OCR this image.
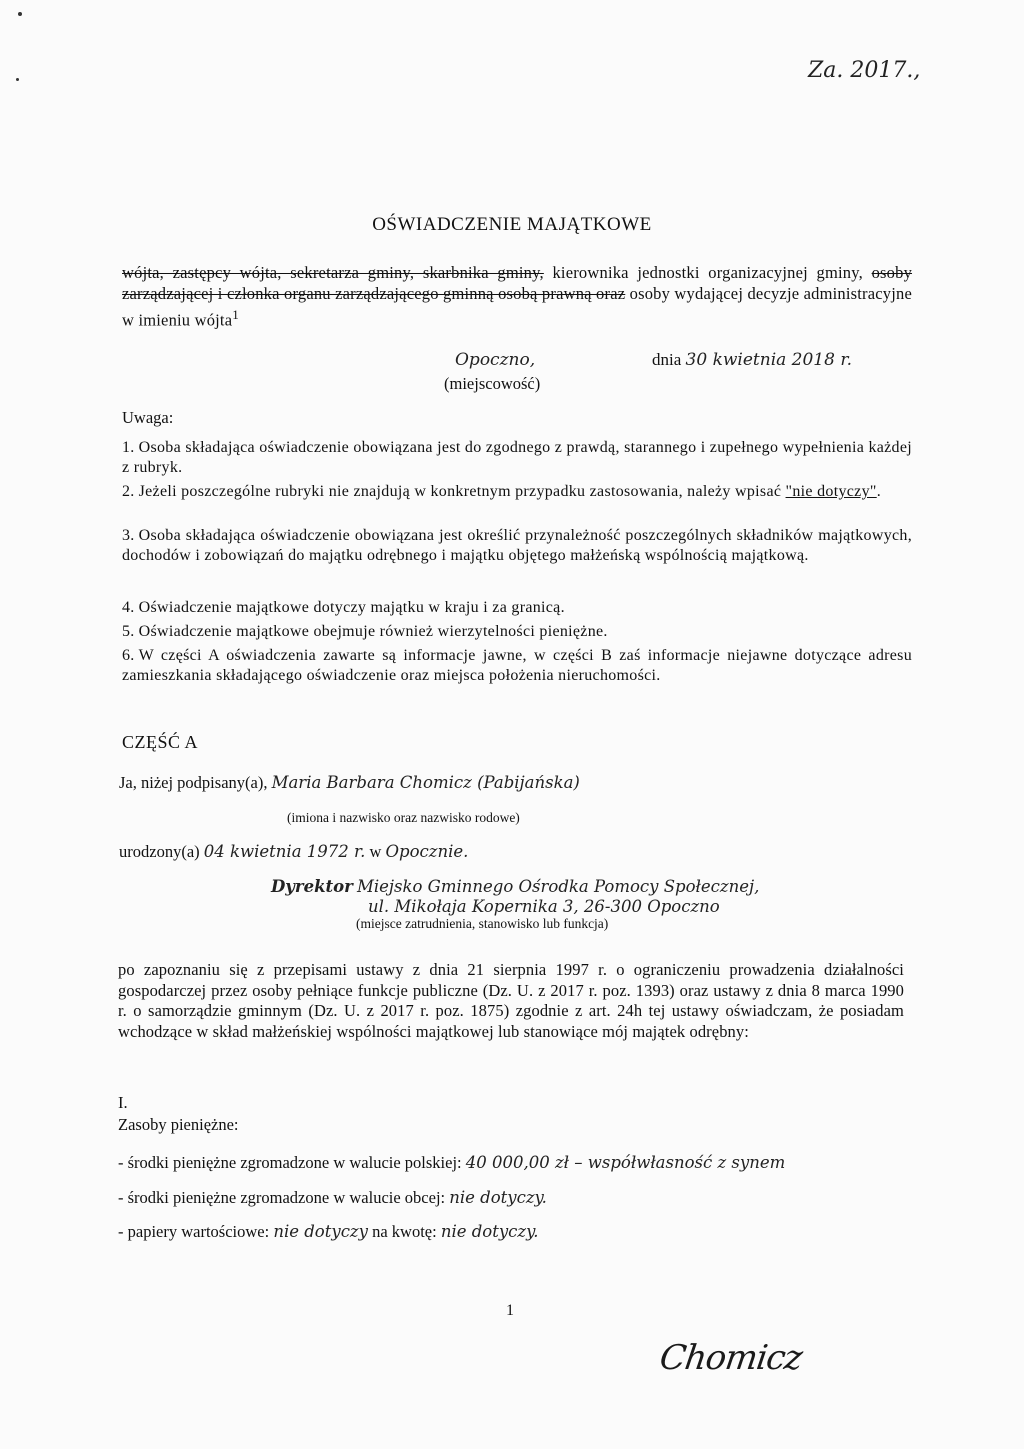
Za. 2017.,
OŚWIADCZENIE MAJĄTKOWE
wójta, zastępcy wójta, sekretarza gminy, skarbnika gminy, kierownika jednostki organizacyjnej gminy, osoby zarządzającej i członka organu zarządzającego gminną osobą prawną oraz osoby wydającej decyzje administracyjne w imieniu wójta$^1$
Opoczno,
(miejscowość)
dnia 30 kwietnia 2018 r.
Uwaga:
1. Osoba składająca oświadczenie obowiązana jest do zgodnego z prawdą, starannego i zupełnego wypełnienia każdej z rubryk.
2. Jeżeli poszczególne rubryki nie znajdują w konkretnym przypadku zastosowania, należy wpisać "nie dotyczy".
3. Osoba składająca oświadczenie obowiązana jest określić przynależność poszczególnych składników majątkowych, dochodów i zobowiązań do majątku odrębnego i majątku objętego małżeńską wspólnością majątkową.
4. Oświadczenie majątkowe dotyczy majątku w kraju i za granicą.
5. Oświadczenie majątkowe obejmuje również wierzytelności pieniężne.
6. W części A oświadczenia zawarte są informacje jawne, w części B zaś informacje niejawne dotyczące adresu zamieszkania składającego oświadczenie oraz miejsca położenia nieruchomości.
CZĘŚĆ A
Ja, niżej podpisany(a), Maria Barbara Chomicz (Pabijańska)
(imiona i nazwisko oraz nazwisko rodowe)
urodzony(a) 04 kwietnia 1972 r. w Opocznie.
Dyrektor Miejsko Gminnego Ośrodka Pomocy Społecznej,
ul. Mikołaja Kopernika 3, 26-300 Opoczno
(miejsce zatrudnienia, stanowisko lub funkcja)
po zapoznaniu się z przepisami ustawy z dnia 21 sierpnia 1997 r. o ograniczeniu prowadzenia działalności gospodarczej przez osoby pełniące funkcje publiczne (Dz. U. z 2017 r. poz. 1393) oraz ustawy z dnia 8 marca 1990 r. o samorządzie gminnym (Dz. U. z 2017 r. poz. 1875) zgodnie z art. 24h tej ustawy oświadczam, że posiadam wchodzące w skład małżeńskiej wspólności majątkowej lub stanowiące mój majątek odrębny:
I.
Zasoby pieniężne:
- środki pieniężne zgromadzone w walucie polskiej: 40 000,00 zł – współwłasność z synem
- środki pieniężne zgromadzone w walucie obcej: nie dotyczy.
- papiery wartościowe: nie dotyczy na kwotę: nie dotyczy.
1
Chomicz
